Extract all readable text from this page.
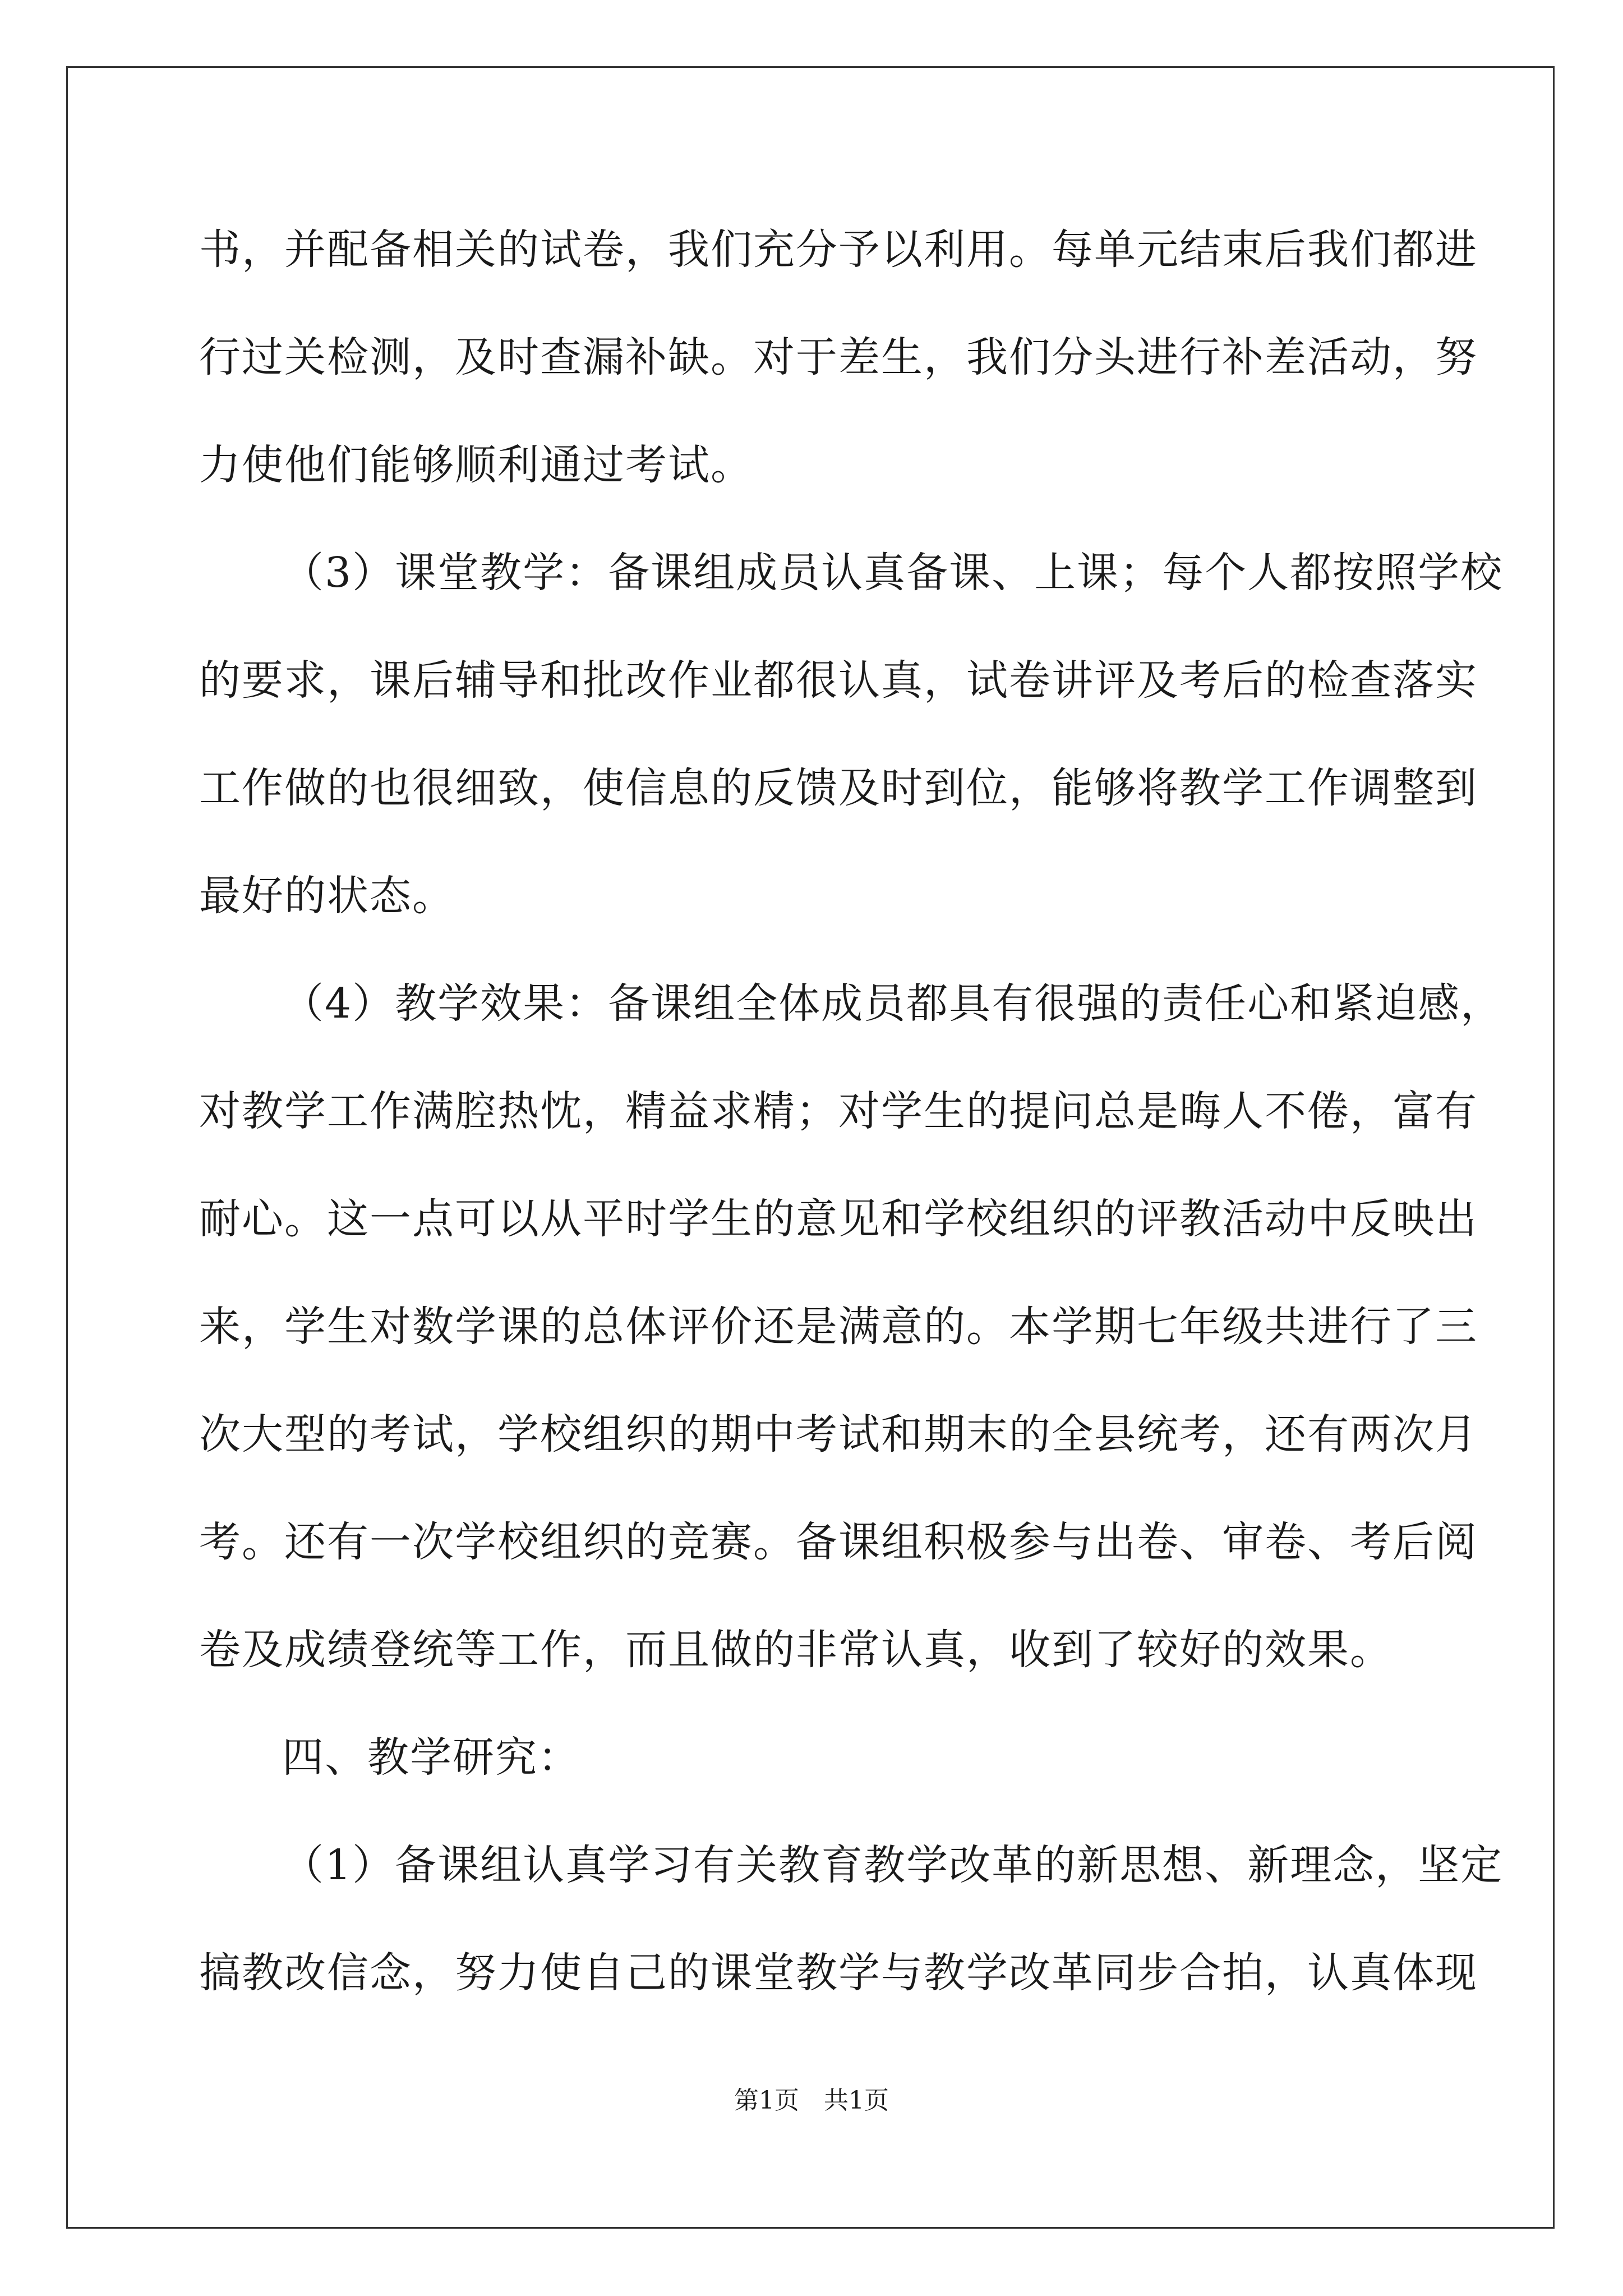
书，并配备相关的试卷，我们充分予以利用。每单元结束后我们都进
行过关检测，及时查漏补缺。对于差生，我们分头进行补差活动，努
力使他们能够顺利通过考试。
（3）课堂教学：备课组成员认真备课、上课；每个人都按照学校
的要求，课后辅导和批改作业都很认真，试卷讲评及考后的检查落实
工作做的也很细致，使信息的反馈及时到位，能够将教学工作调整到
最好的状态。
（4）教学效果：备课组全体成员都具有很强的责任心和紧迫感，
对教学工作满腔热忱，精益求精；对学生的提问总是晦人不倦，富有
耐心。这一点可以从平时学生的意见和学校组织的评教活动中反映出
来，学生对数学课的总体评价还是满意的。本学期七年级共进行了三
次大型的考试，学校组织的期中考试和期末的全县统考，还有两次月
考。还有一次学校组织的竞赛。备课组积极参与出卷、审卷、考后阅
卷及成绩登统等工作，而且做的非常认真，收到了较好的效果。
四、教学研究：
（1）备课组认真学习有关教育教学改革的新思想、新理念，坚定
搞教改信念，努力使自己的课堂教学与教学改革同步合拍，认真体现
第1页　共1页
